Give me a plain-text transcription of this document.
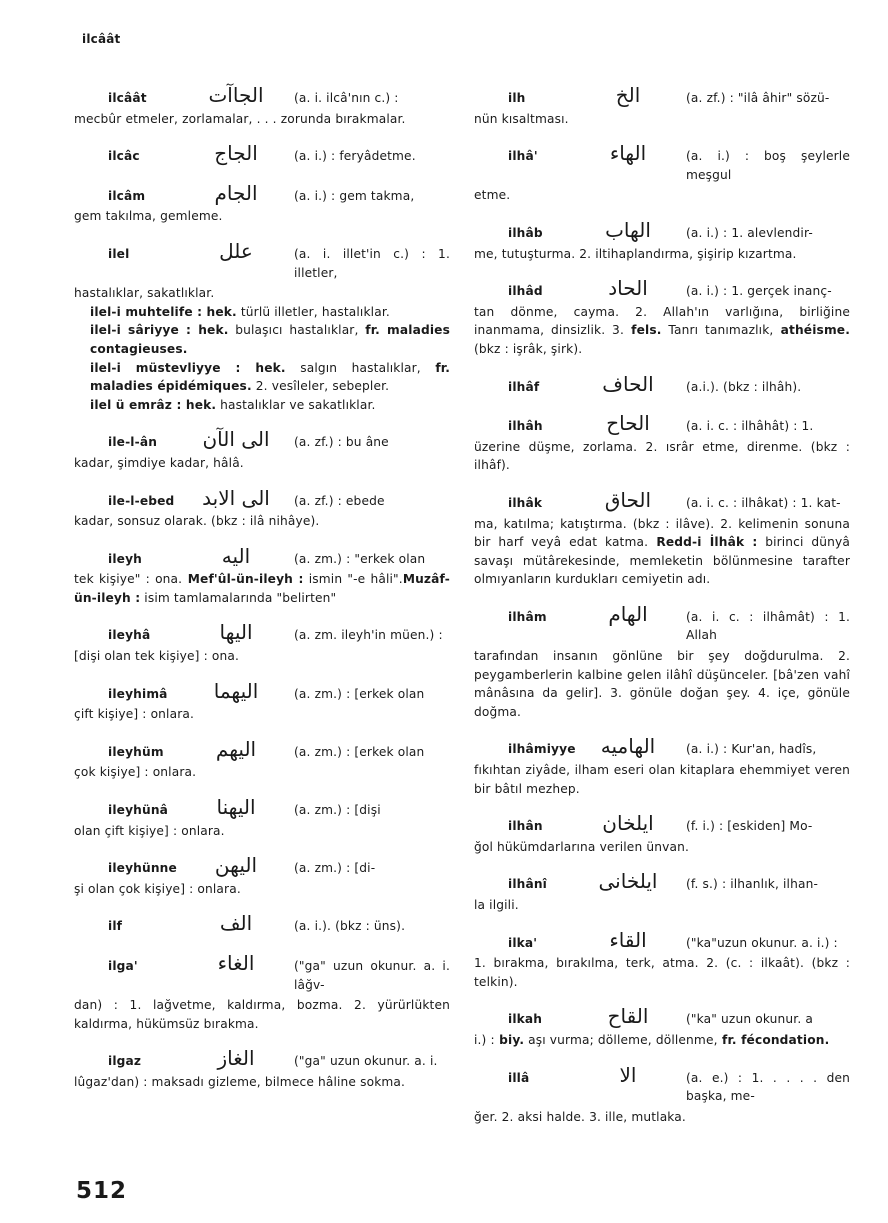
ilcâât
ilcâât	الجاآت	(a. i. ilcâ'nın c.) :
mecbûr etmeler, zorlamalar, . . . zorunda bırakmalar.
ilcâc	الجاج	(a. i.) : feryâdetme.
ilcâm	الجام	(a. i.) : gem takma,
gem takılma, gemleme.
ilel	علل	(a. i. illet'in c.) : 1. illetler,
hastalıklar, sakatlıklar.
ilel-i muhtelife : hek. türlü illetler, hastalıklar.
ilel-i sâriyye : hek. bulaşıcı hastalıklar, fr. maladies contagieuses.
ilel-i müstevliyye : hek. salgın hastalıklar, fr. maladies épidémiques. 2. vesîleler, sebepler.
ilel ü emrâz : hek. hastalıklar ve sakatlıklar.
ile-l-ân	الى الآن (a. zf.) : bu âne
kadar, şimdiye kadar, hâlâ.
ile-l-ebed	الى الابد (a. zf.) : ebede
kadar, sonsuz olarak. (bkz : ilâ nihâye).
ileyh	اليه	(a. zm.) : "erkek olan
tek kişiye" : ona. Mef'ûl-ün-ileyh : ismin "-e hâli".Muzâf-ün-ileyh : isim tamlamalarında "belirten"
ileyhâ	اليها	(a. zm. ileyh'in müen.) :
[dişi olan tek kişiye] : ona.
ileyhimâ	اليهما	(a. zm.) : [erkek olan
çift kişiye] : onlara.
ileyhüm	اليهم	(a. zm.) : [erkek olan
çok kişiye] : onlara.
ileyhünâ	اليهنا	(a. zm.) : [dişi
olan çift kişiye] : onlara.
ileyhünne	اليهن	(a. zm.) : [di-
şi olan çok kişiye] : onlara.
ilf	الف	(a. i.). (bkz : üns).
ilga'	الغاء	("ga" uzun okunur. a. i. lâğv-
dan) : 1. lağvetme, kaldırma, bozma. 2. yürürlükten kaldırma, hükümsüz bırakma.
ilgaz	الغاز	("ga" uzun okunur. a. i.
lûgaz'dan) : maksadı gizleme, bilmece hâline sokma.
ilh	الخ	(a. zf.) : "ilâ âhir" sözü-
nün kısaltması.
ilhâ'	الهاء	(a. i.) : boş şeylerle meşgul
etme.
ilhâb	الهاب	(a. i.) : 1. alevlendir-
me, tutuşturma. 2. iltihaplandırma, şişirip kızartma.
ilhâd	الحاد	(a. i.) : 1. gerçek inanç-
tan dönme, cayma. 2. Allah'ın varlığına, birliğine inanmama, dinsizlik. 3. fels. Tanrı tanımazlık, athéisme. (bkz : işrâk, şirk).
ilhâf	الحاف	(a.i.). (bkz : ilhâh).
ilhâh	الحاح	(a. i. c. : ilhâhât) : 1.
üzerine düşme, zorlama. 2. ısrâr etme, direnme. (bkz : ilhâf).
ilhâk	الحاق	(a. i. c. : ilhâkat) : 1. kat-
ma, katılma; katıştırma. (bkz : ilâve). 2. kelimenin sonuna bir harf veyâ edat katma. Redd-i İlhâk : birinci dünyâ savaşı mütârekesinde, memleketin bölünmesine tarafter olmıyanların kurdukları cemiyetin adı.
ilhâm	الهام	(a. i. c. : ilhâmât) : 1. Allah
tarafından insanın gönlüne bir şey doğdurulma. 2. peygamberlerin kalbine gelen ilâhî düşünceler. [bâ'zen vahî mânâsına da gelir]. 3. gönüle doğan şey. 4. içe, gönüle doğma.
ilhâmiyye	الهاميه	(a. i.) : Kur'an, hadîs,
fıkıhtan ziyâde, ilham eseri olan kitaplara ehemmiyet veren bir bâtıl mezhep.
ilhân	ايلخان	(f. i.) : [eskiden] Mo-
ğol hükümdarlarına verilen ünvan.
ilhânî	ايلخانى	(f. s.) : ilhanlık, ilhan-
la ilgili.
ilka'	القاء	("ka"uzun okunur. a. i.) :
1. bırakma, bırakılma, terk, atma. 2. (c. : ilkaât). (bkz : telkin).
ilkah	القاح	("ka" uzun okunur. a
i.) : biy. aşı vurma; dölleme, döllenme, fr. fécondation.
illâ	الا	(a. e.) : 1. . . . . den başka, me-
ğer. 2. aksi halde. 3. ille, mutlaka.
512
